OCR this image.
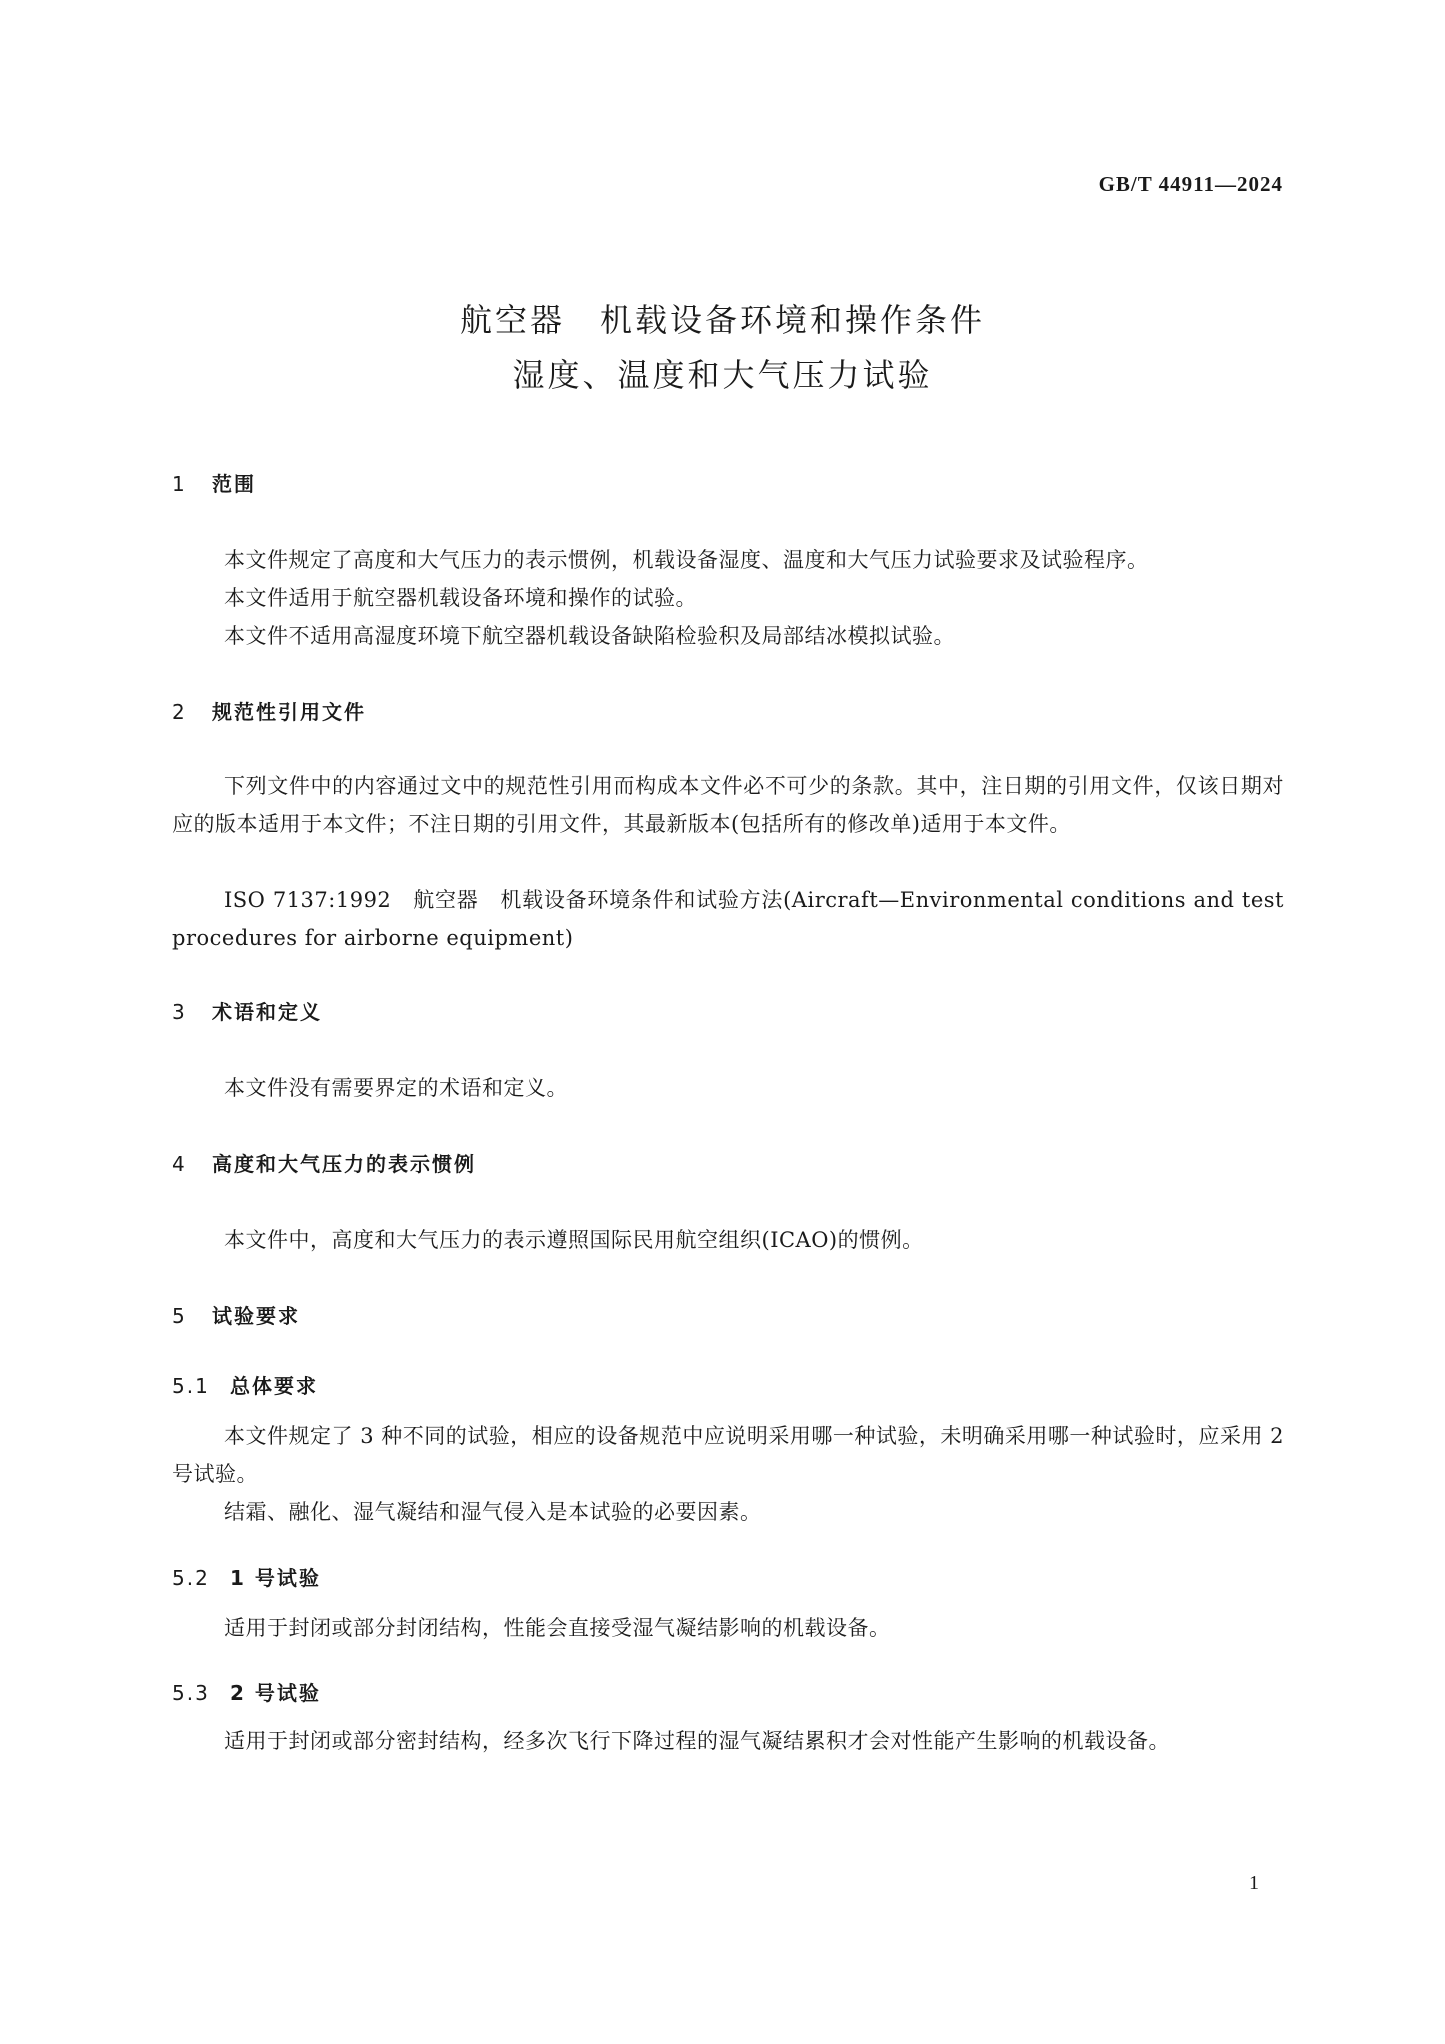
GB/T 44911—2024
航空器　机载设备环境和操作条件
湿度、温度和大气压力试验
1 范围

本文件规定了高度和大气压力的表示惯例，机载设备湿度、温度和大气压力试验要求及试验程序。

本文件适用于航空器机载设备环境和操作的试验。

本文件不适用高湿度环境下航空器机载设备缺陷检验积及局部结冰模拟试验。

2 规范性引用文件

下列文件中的内容通过文中的规范性引用而构成本文件必不可少的条款。其中，注日期的引用文件，仅该日期对应的版本适用于本文件；不注日期的引用文件，其最新版本(包括所有的修改单)适用于本文件。

ISO 7137:1992　航空器　机载设备环境条件和试验方法(Aircraft—Environmental conditions and test procedures for airborne equipment)

3 术语和定义

本文件没有需要界定的术语和定义。

4 高度和大气压力的表示惯例

本文件中，高度和大气压力的表示遵照国际民用航空组织(ICAO)的惯例。

5 试验要求
5.1 总体要求

本文件规定了 3 种不同的试验，相应的设备规范中应说明采用哪一种试验，未明确采用哪一种试验时，应采用 2 号试验。

结霜、融化、湿气凝结和湿气侵入是本试验的必要因素。

5.2 1 号试验

适用于封闭或部分封闭结构，性能会直接受湿气凝结影响的机载设备。

5.3 2 号试验

适用于封闭或部分密封结构，经多次飞行下降过程的湿气凝结累积才会对性能产生影响的机载设备。

1
